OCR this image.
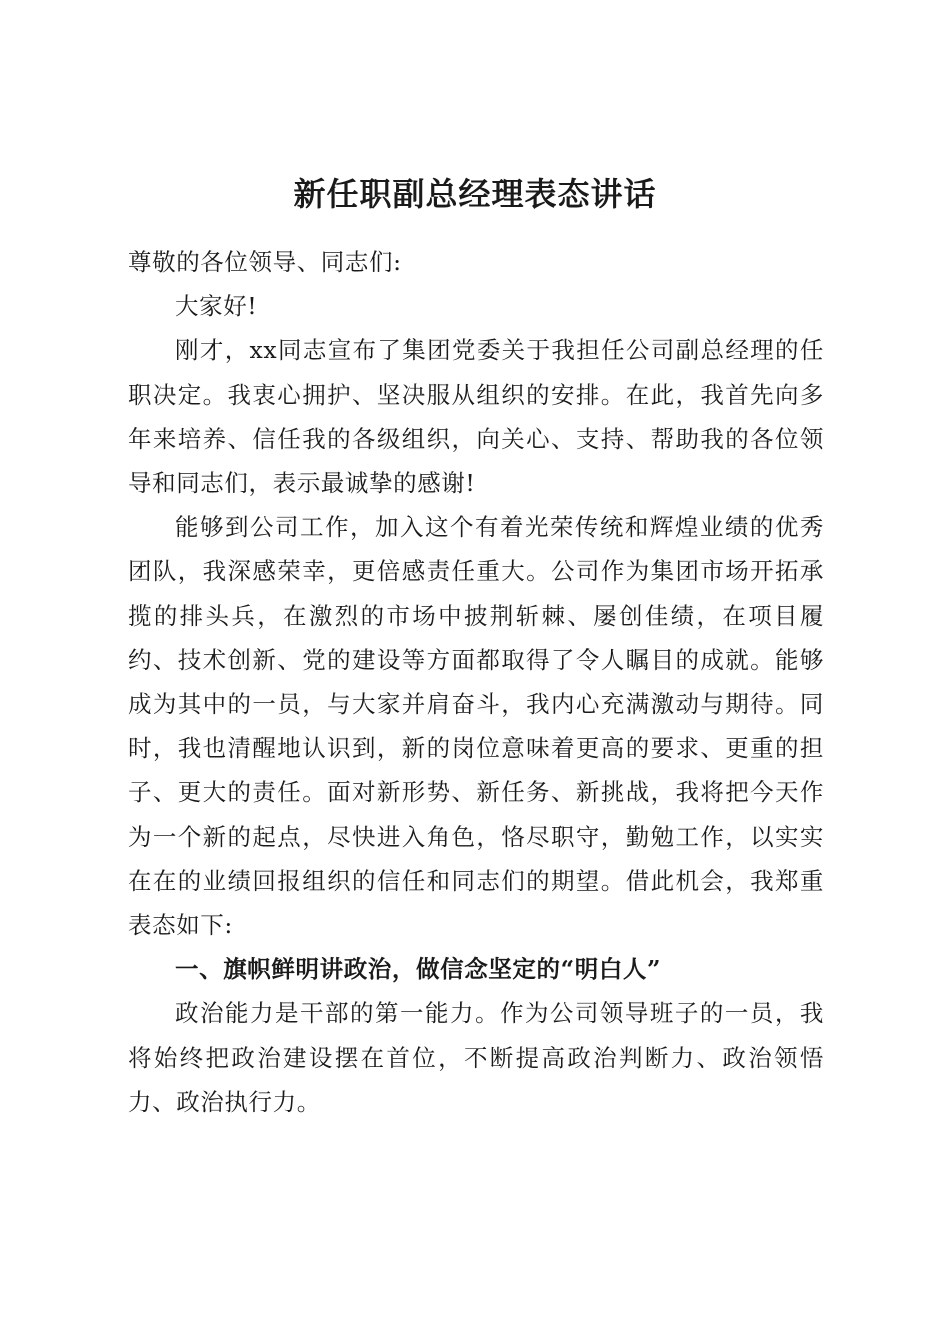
新任职副总经理表态讲话

尊敬的各位领导、同志们:

大家好!

刚才，xx同志宣布了集团党委关于我担任公司副总经理的任职决定。我衷心拥护、坚决服从组织的安排。在此，我首先向多年来培养、信任我的各级组织，向关心、支持、帮助我的各位领导和同志们，表示最诚挚的感谢!

能够到公司工作，加入这个有着光荣传统和辉煌业绩的优秀团队，我深感荣幸，更倍感责任重大。公司作为集团市场开拓承揽的排头兵，在激烈的市场中披荆斩棘、屡创佳绩，在项目履约、技术创新、党的建设等方面都取得了令人瞩目的成就。能够成为其中的一员，与大家并肩奋斗，我内心充满激动与期待。同时，我也清醒地认识到，新的岗位意味着更高的要求、更重的担子、更大的责任。面对新形势、新任务、新挑战，我将把今天作为一个新的起点，尽快进入角色，恪尽职守，勤勉工作，以实实在在的业绩回报组织的信任和同志们的期望。借此机会，我郑重表态如下:

一、旗帜鲜明讲政治，做信念坚定的“明白人”

政治能力是干部的第一能力。作为公司领导班子的一员，我将始终把政治建设摆在首位，不断提高政治判断力、政治领悟力、政治执行力。
